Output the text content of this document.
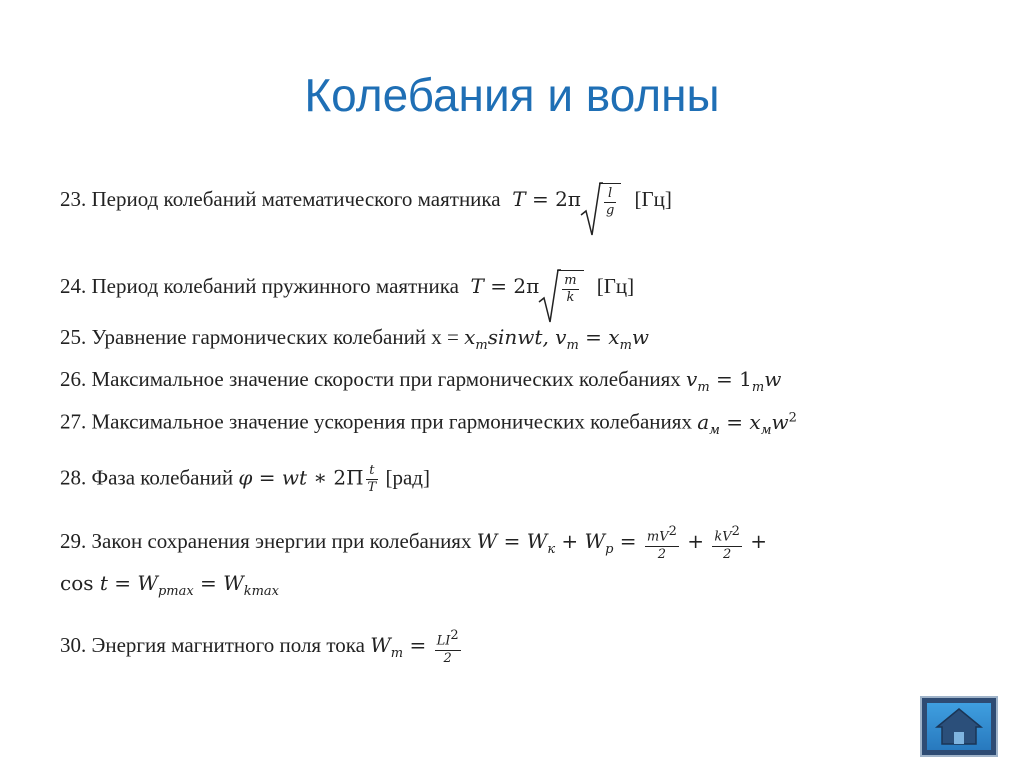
Колебания и волны
23. Период колебаний математического маятника $T = 2\pi \frac{l}{g} [Гц]$
24. Период колебаний пружинного маятника $T = 2\pi \frac{m}{k} [Гц]$
25. Уравнение гармонических колебаний $х = x_msinwt$, $v_m = x_mw$
26. Максимальное значение скорости при гармонических колебаниях $v_m = 1_mw$
27. Максимальное значение ускорения при гармонических колебаниях $a_м = x_мw^2$
28. Фаза колебаний φ = wt ∗ $2П \frac{t}{T} [рад]$
29. Закон сохранения энергии при колебаниях $W = W_к + W_p = \frac{mV^2}{2} + \frac{kV^2}{2}$ +
$\cos t = W_{pmax} = W_{kmax}$
30. Энергия магнитного поля тока $W_m = \frac{LI^2}{2}$
